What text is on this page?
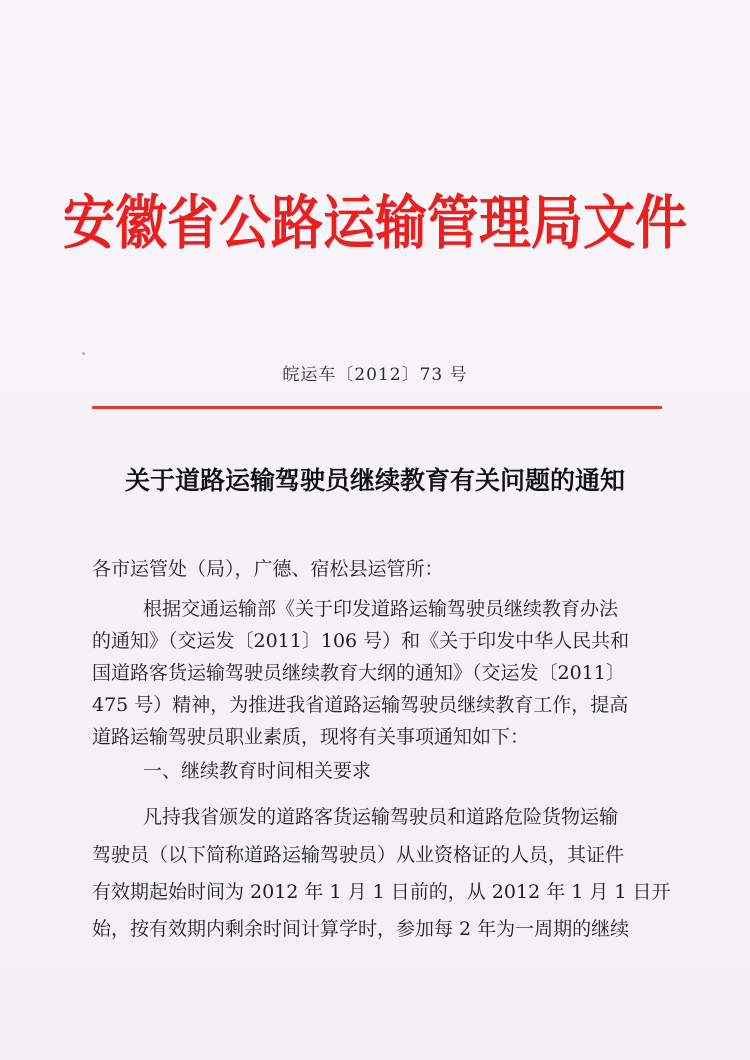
安徽省公路运输管理局文件
皖运车〔2012〕73 号
关于道路运输驾驶员继续教育有关问题的通知
各市运管处（局），广德、宿松县运管所：
根据交通运输部《关于印发道路运输驾驶员继续教育办法
的通知》（交运发〔2011〕106 号）和《关于印发中华人民共和
国道路客货运输驾驶员继续教育大纲的通知》（交运发〔2011〕
475 号）精神，为推进我省道路运输驾驶员继续教育工作，提高
道路运输驾驶员职业素质，现将有关事项通知如下：
一、继续教育时间相关要求
凡持我省颁发的道路客货运输驾驶员和道路危险货物运输
驾驶员（以下简称道路运输驾驶员）从业资格证的人员，其证件
有效期起始时间为 2012 年 1 月 1 日前的，从 2012 年 1 月 1 日开
始，按有效期内剩余时间计算学时，参加每 2 年为一周期的继续
